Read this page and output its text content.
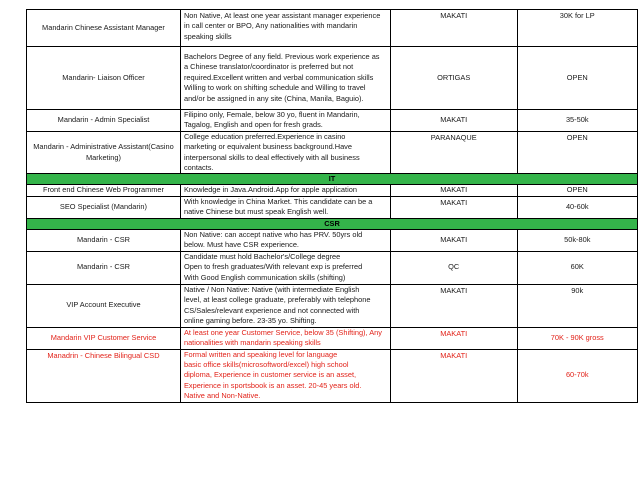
Mandarin Chinese Assistant Manager	Non Native, At least one year assistant manager experience
in call center or BPO, Any nationalities with mandarin
speaking skills	MAKATI	30K for LP

Mandarin- Liaison Officer	Bachelors Degree of any field. Previous work experience as
a Chinese translator/coordinator is preferred but not
required.Excellent written and verbal communication skills
Willing to work on shifting schedule and Willing to travel
and/or be assigned in any site (China, Manila, Baguio).	ORTIGAS	OPEN

Mandarin - Admin Specialist	Filipino only, Female, below 30 yo, fluent in Mandarin,
Tagalog, English and open for fresh grads.	MAKATI	35-50k

Mandarin - Administrative Assistant(Casino
Marketing)	College education preferred.Experience in casino
marketing or equivalent business background.Have
interpersonal skills to deal effectively with all business
contacts.	PARANAQUE	OPEN
IT			

Front end Chinese Web Programmer	Knowledge in Java.Android.App for apple application	MAKATI	OPEN

SEO Specialist (Mandarin)	With knowledge in China Market. This candidate can be a
native Chinese but must speak English well.	MAKATI	40-60k
CSR			

Mandarin - CSR	Non Native: can accept native who has PRV. 50yrs old
below. Must have CSR experience.	MAKATI	50k-80k

Mandarin - CSR	Candidate must hold Bachelor's/College degree
Open to fresh graduates/With relevant exp is preferred
With Good English communication skills (shifting)	QC	60K

VIP Account Executive	Native / Non Native: Native (with intermediate English
level, at least college graduate, preferably with telephone
CS/Sales/relevant experience and not connected with
online gaming before. 23-35 yo. Shifting.	MAKATI	90k

Mandarin VIP Customer Service	At least one year Customer Service, below 35 (Shifting), Any
nationalities with mandarin speaking skills	MAKATI	70K - 90K gross

Manadrin - Chinese Bilingual CSD	Formal written and speaking level for language
basic office skills(microsoftword/excel) high school
diploma, Experience in customer service is an asset,
Experience in sportsbook is an asset. 20-45 years old.
Native and Non-Native.	MAKATI	60-70k
